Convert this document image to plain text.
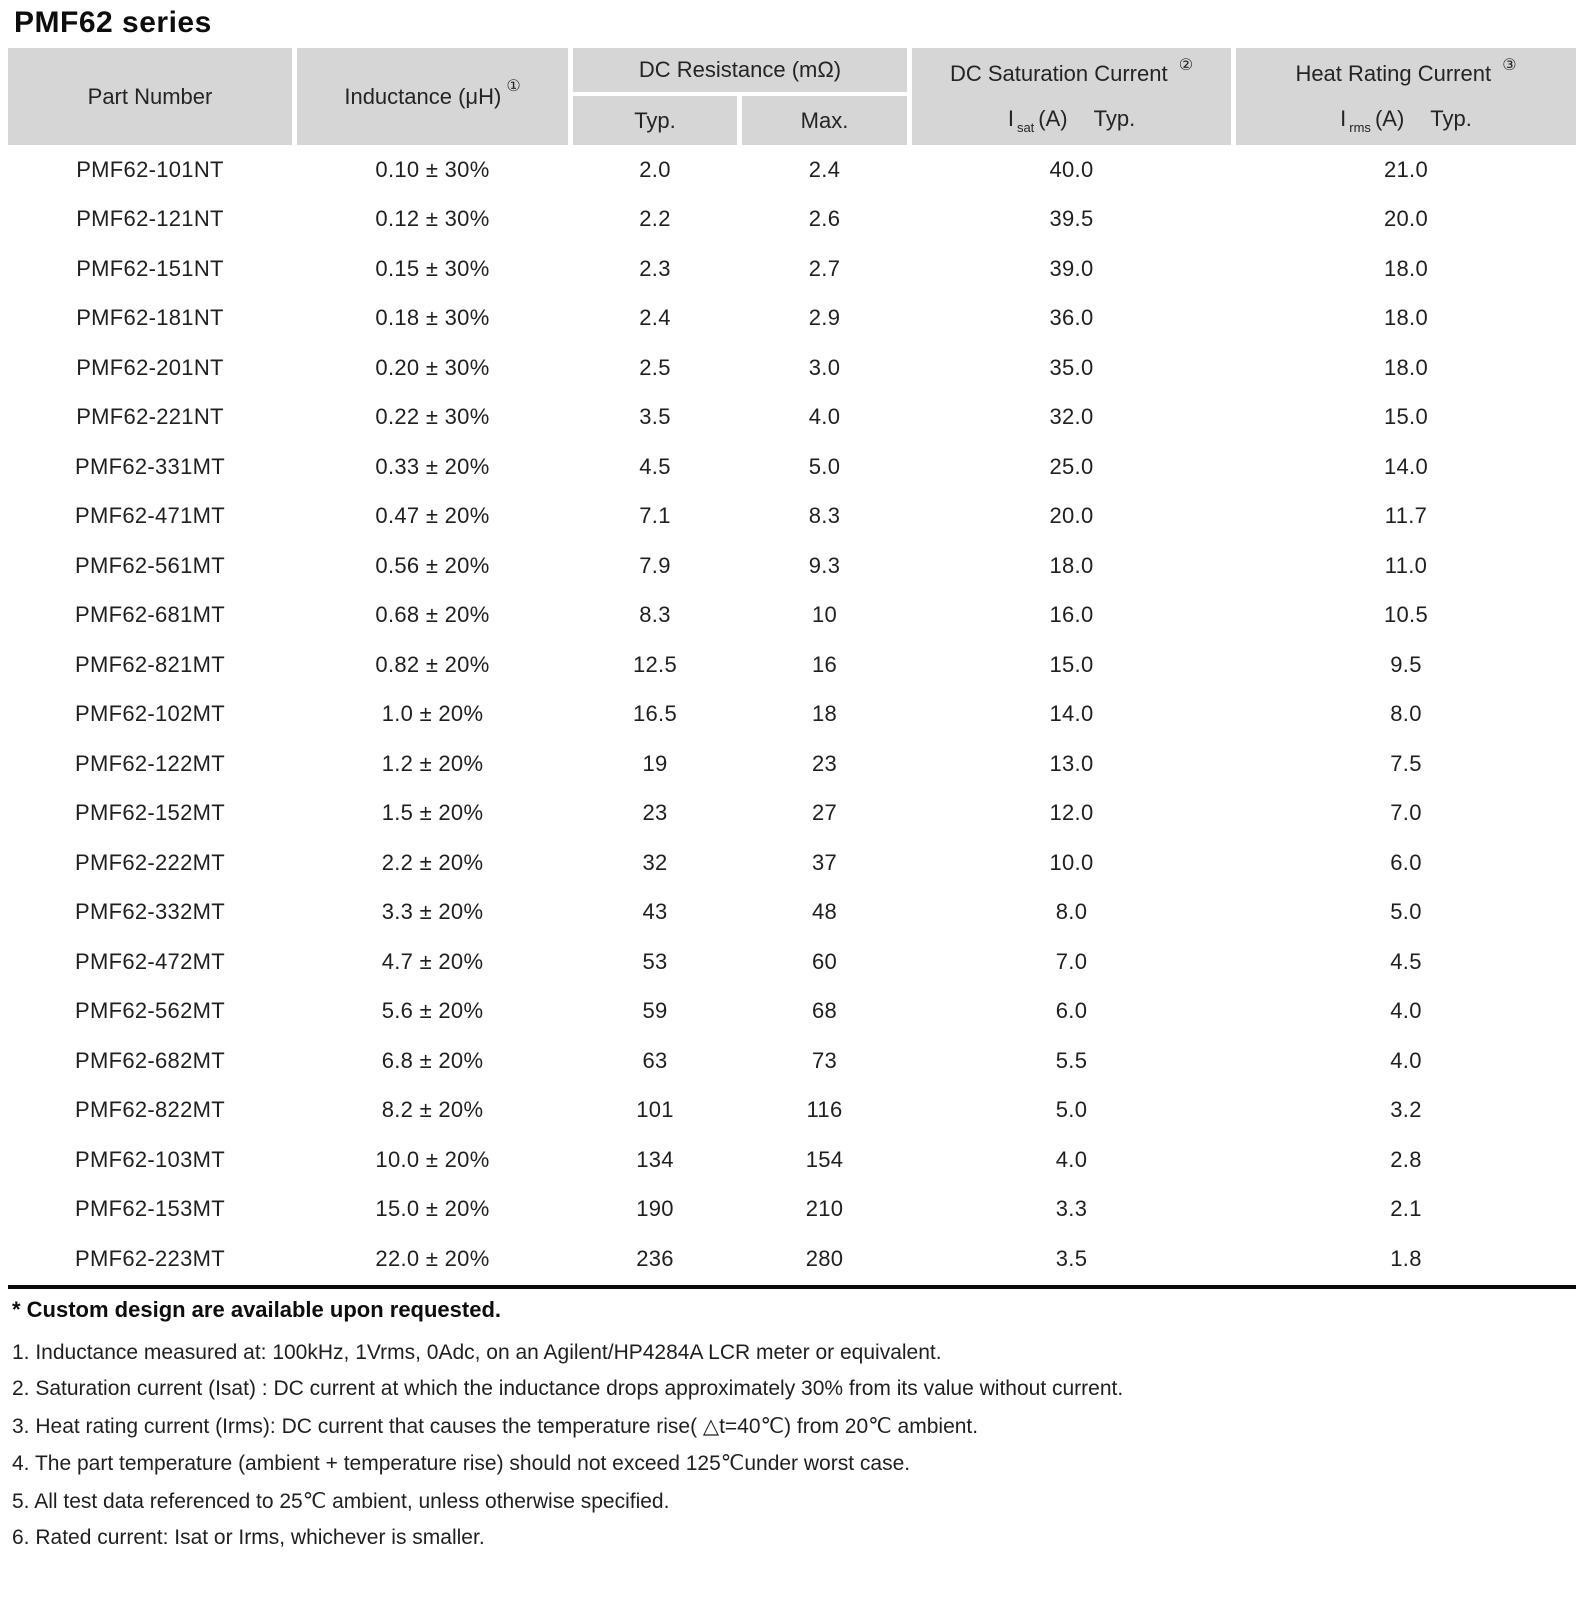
PMF62 series
Part Number	Inductance (μH) ①
DC Resistance (mΩ)
Typ.	Max.
DC Saturation Current ②
I $_{sat}$ (A) Typ.
Heat Rating Current ③
I $_{rms}$ (A) Typ.
PMF62-101NT	0.10 ± 30%	2.0	2.4	40.0	21.0
PMF62-121NT	0.12 ± 30%	2.2	2.6	39.5	20.0
PMF62-151NT	0.15 ± 30%	2.3	2.7	39.0	18.0
PMF62-181NT	0.18 ± 30%	2.4	2.9	36.0	18.0
PMF62-201NT	0.20 ± 30%	2.5	3.0	35.0	18.0
PMF62-221NT	0.22 ± 30%	3.5	4.0	32.0	15.0
PMF62-331MT	0.33 ± 20%	4.5	5.0	25.0	14.0
PMF62-471MT	0.47 ± 20%	7.1	8.3	20.0	11.7
PMF62-561MT	0.56 ± 20%	7.9	9.3	18.0	11.0
PMF62-681MT	0.68 ± 20%	8.3	10	16.0	10.5
PMF62-821MT	0.82 ± 20%	12.5	16	15.0	9.5
PMF62-102MT	1.0 ± 20%	16.5	18	14.0	8.0
PMF62-122MT	1.2 ± 20%	19	23	13.0	7.5
PMF62-152MT	1.5 ± 20%	23	27	12.0	7.0
PMF62-222MT	2.2 ± 20%	32	37	10.0	6.0
PMF62-332MT	3.3 ± 20%	43	48	8.0	5.0
PMF62-472MT	4.7 ± 20%	53	60	7.0	4.5
PMF62-562MT	5.6 ± 20%	59	68	6.0	4.0
PMF62-682MT	6.8 ± 20%	63	73	5.5	4.0
PMF62-822MT	8.2 ± 20%	101	116	5.0	3.2
PMF62-103MT	10.0 ± 20%	134	154	4.0	2.8
PMF62-153MT	15.0 ± 20%	190	210	3.3	2.1
PMF62-223MT	22.0 ± 20%	236	280	3.5	1.8
* Custom design are available upon requested.
1. Inductance measured at: 100kHz, 1Vrms, 0Adc, on an Agilent/HP4284A LCR meter or equivalent.
2. Saturation current (Isat) : DC current at which the inductance drops approximately 30% from its value without current.
3. Heat rating current (Irms): DC current that causes the temperature rise( △t=40℃) from 20℃ ambient.
4. The part temperature (ambient + temperature rise) should not exceed 125℃under worst case.
5. All test data referenced to 25℃ ambient, unless otherwise specified.
6. Rated current: Isat or Irms, whichever is smaller.
